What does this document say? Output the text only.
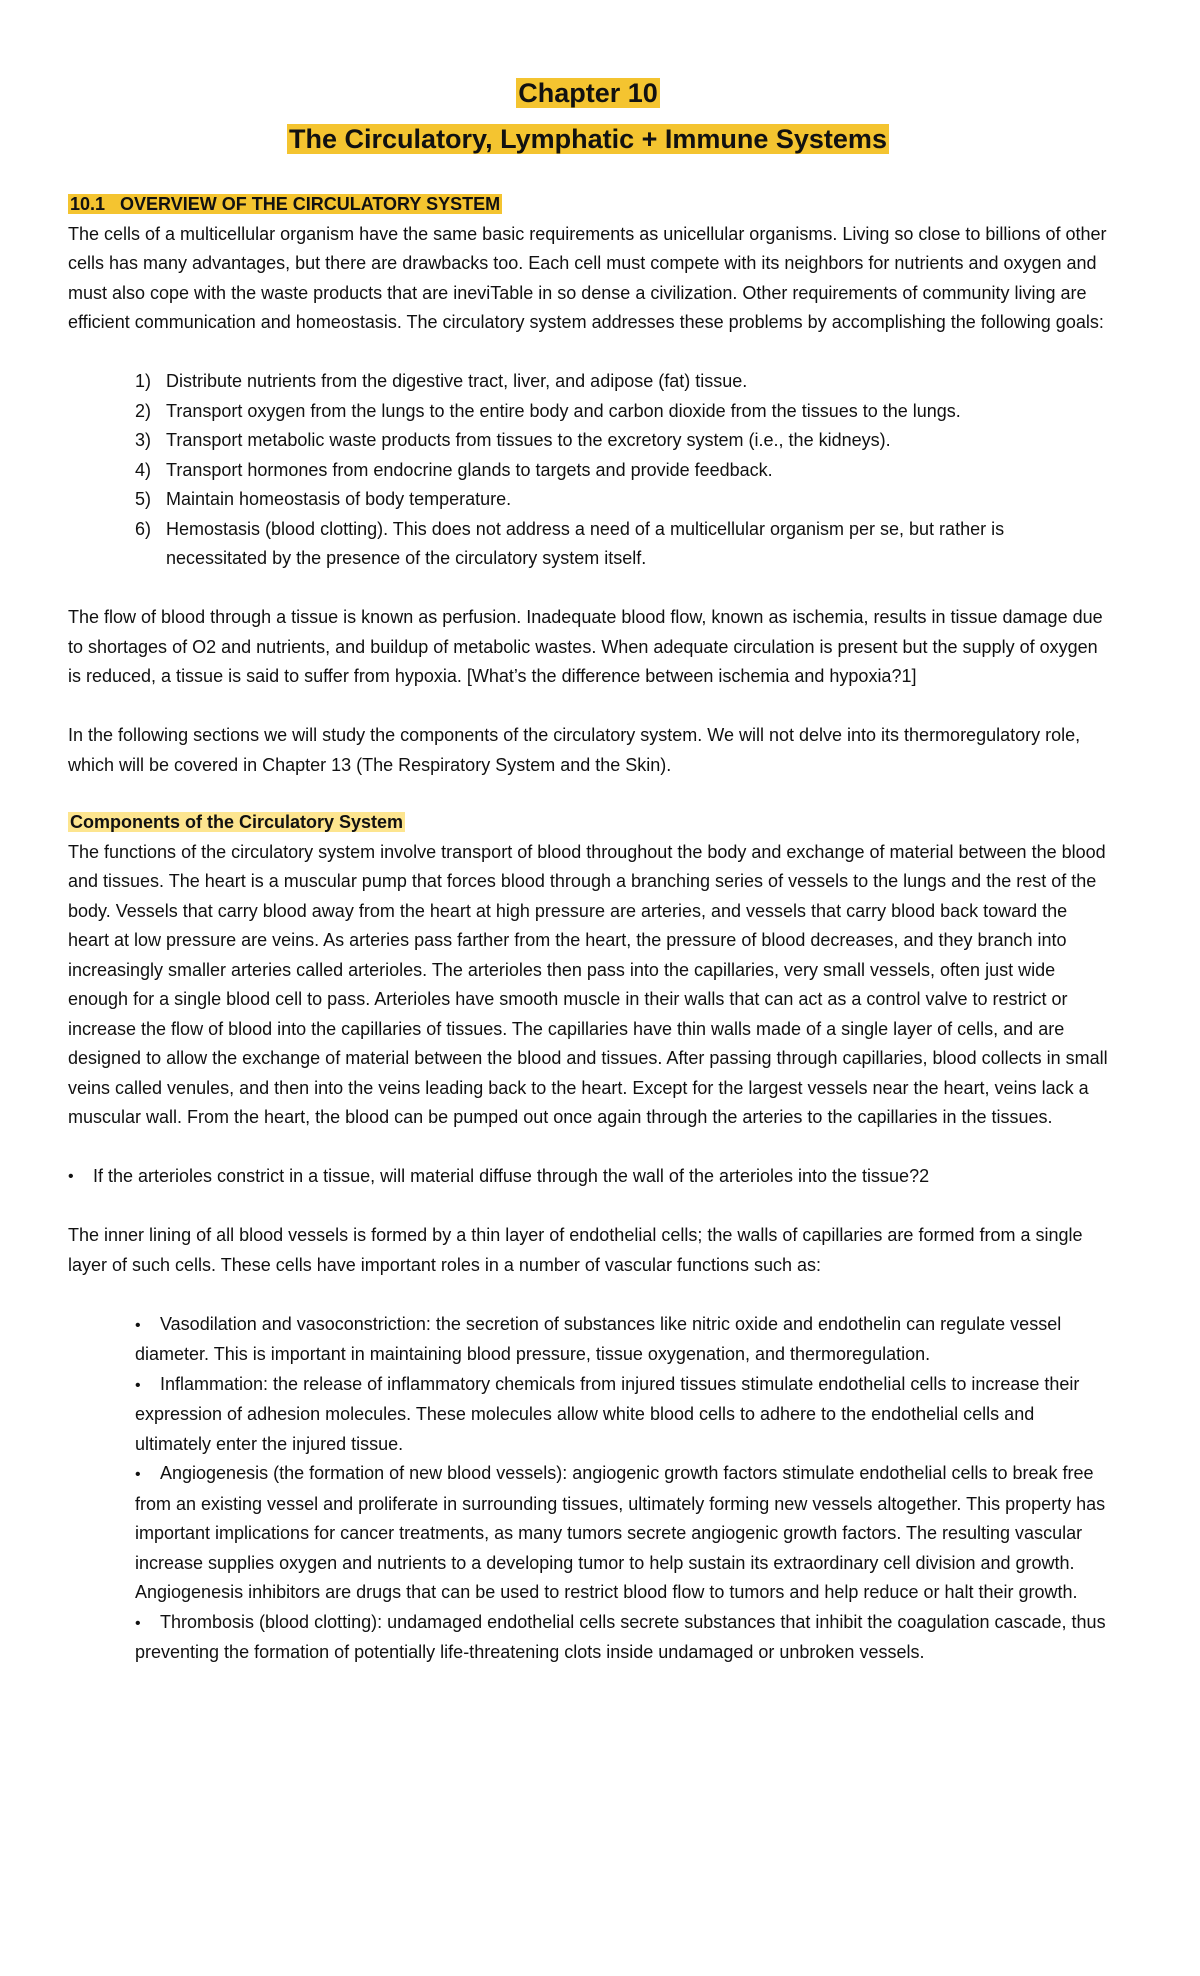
Chapter 10

The Circulatory, Lymphatic + Immune Systems

10.1   OVERVIEW OF THE CIRCULATORY SYSTEM

The cells of a multicellular organism have the same basic requirements as unicellular organisms. Living so close to billions of other cells has many advantages, but there are drawbacks too. Each cell must compete with its neighbors for nutrients and oxygen and must also cope with the waste products that are ineviTable in so dense a civilization. Other requirements of community living are efficient communication and homeostasis. The circulatory system addresses these problems by accomplishing the following goals:

1) Distribute nutrients from the digestive tract, liver, and adipose (fat) tissue.
2) Transport oxygen from the lungs to the entire body and carbon dioxide from the tissues to the lungs.
3) Transport metabolic waste products from tissues to the excretory system (i.e., the kidneys).
4) Transport hormones from endocrine glands to targets and provide feedback.
5) Maintain homeostasis of body temperature.
6) Hemostasis (blood clotting). This does not address a need of a multicellular organism per se, but rather is necessitated by the presence of the circulatory system itself.

The flow of blood through a tissue is known as perfusion. Inadequate blood flow, known as ischemia, results in tissue damage due to shortages of O2 and nutrients, and buildup of metabolic wastes. When adequate circulation is present but the supply of oxygen is reduced, a tissue is said to suffer from hypoxia. [What’s the difference between ischemia and hypoxia?1]

In the following sections we will study the components of the circulatory system. We will not delve into its thermoregulatory role, which will be covered in Chapter 13 (The Respiratory System and the Skin).

Components of the Circulatory System

The functions of the circulatory system involve transport of blood throughout the body and exchange of material between the blood and tissues. The heart is a muscular pump that forces blood through a branching series of vessels to the lungs and the rest of the body. Vessels that carry blood away from the heart at high pressure are arteries, and vessels that carry blood back toward the heart at low pressure are veins. As arteries pass farther from the heart, the pressure of blood decreases, and they branch into increasingly smaller arteries called arterioles. The arterioles then pass into the capillaries, very small vessels, often just wide enough for a single blood cell to pass. Arterioles have smooth muscle in their walls that can act as a control valve to restrict or increase the flow of blood into the capillaries of tissues. The capillaries have thin walls made of a single layer of cells, and are designed to allow the exchange of material between the blood and tissues. After passing through capillaries, blood collects in small veins called venules, and then into the veins leading back to the heart. Except for the largest vessels near the heart, veins lack a muscular wall. From the heart, the blood can be pumped out once again through the arteries to the capillaries in the tissues.

• If the arterioles constrict in a tissue, will material diffuse through the wall of the arterioles into the tissue?2

The inner lining of all blood vessels is formed by a thin layer of endothelial cells; the walls of capillaries are formed from a single layer of such cells. These cells have important roles in a number of vascular functions such as:

• Vasodilation and vasoconstriction: the secretion of substances like nitric oxide and endothelin can regulate vessel diameter. This is important in maintaining blood pressure, tissue oxygenation, and thermoregulation.
• Inflammation: the release of inflammatory chemicals from injured tissues stimulate endothelial cells to increase their expression of adhesion molecules. These molecules allow white blood cells to adhere to the endothelial cells and ultimately enter the injured tissue.
• Angiogenesis (the formation of new blood vessels): angiogenic growth factors stimulate endothelial cells to break free from an existing vessel and proliferate in surrounding tissues, ultimately forming new vessels altogether. This property has important implications for cancer treatments, as many tumors secrete angiogenic growth factors. The resulting vascular increase supplies oxygen and nutrients to a developing tumor to help sustain its extraordinary cell division and growth. Angiogenesis inhibitors are drugs that can be used to restrict blood flow to tumors and help reduce or halt their growth.
• Thrombosis (blood clotting): undamaged endothelial cells secrete substances that inhibit the coagulation cascade, thus preventing the formation of potentially life-threatening clots inside undamaged or unbroken vessels.
